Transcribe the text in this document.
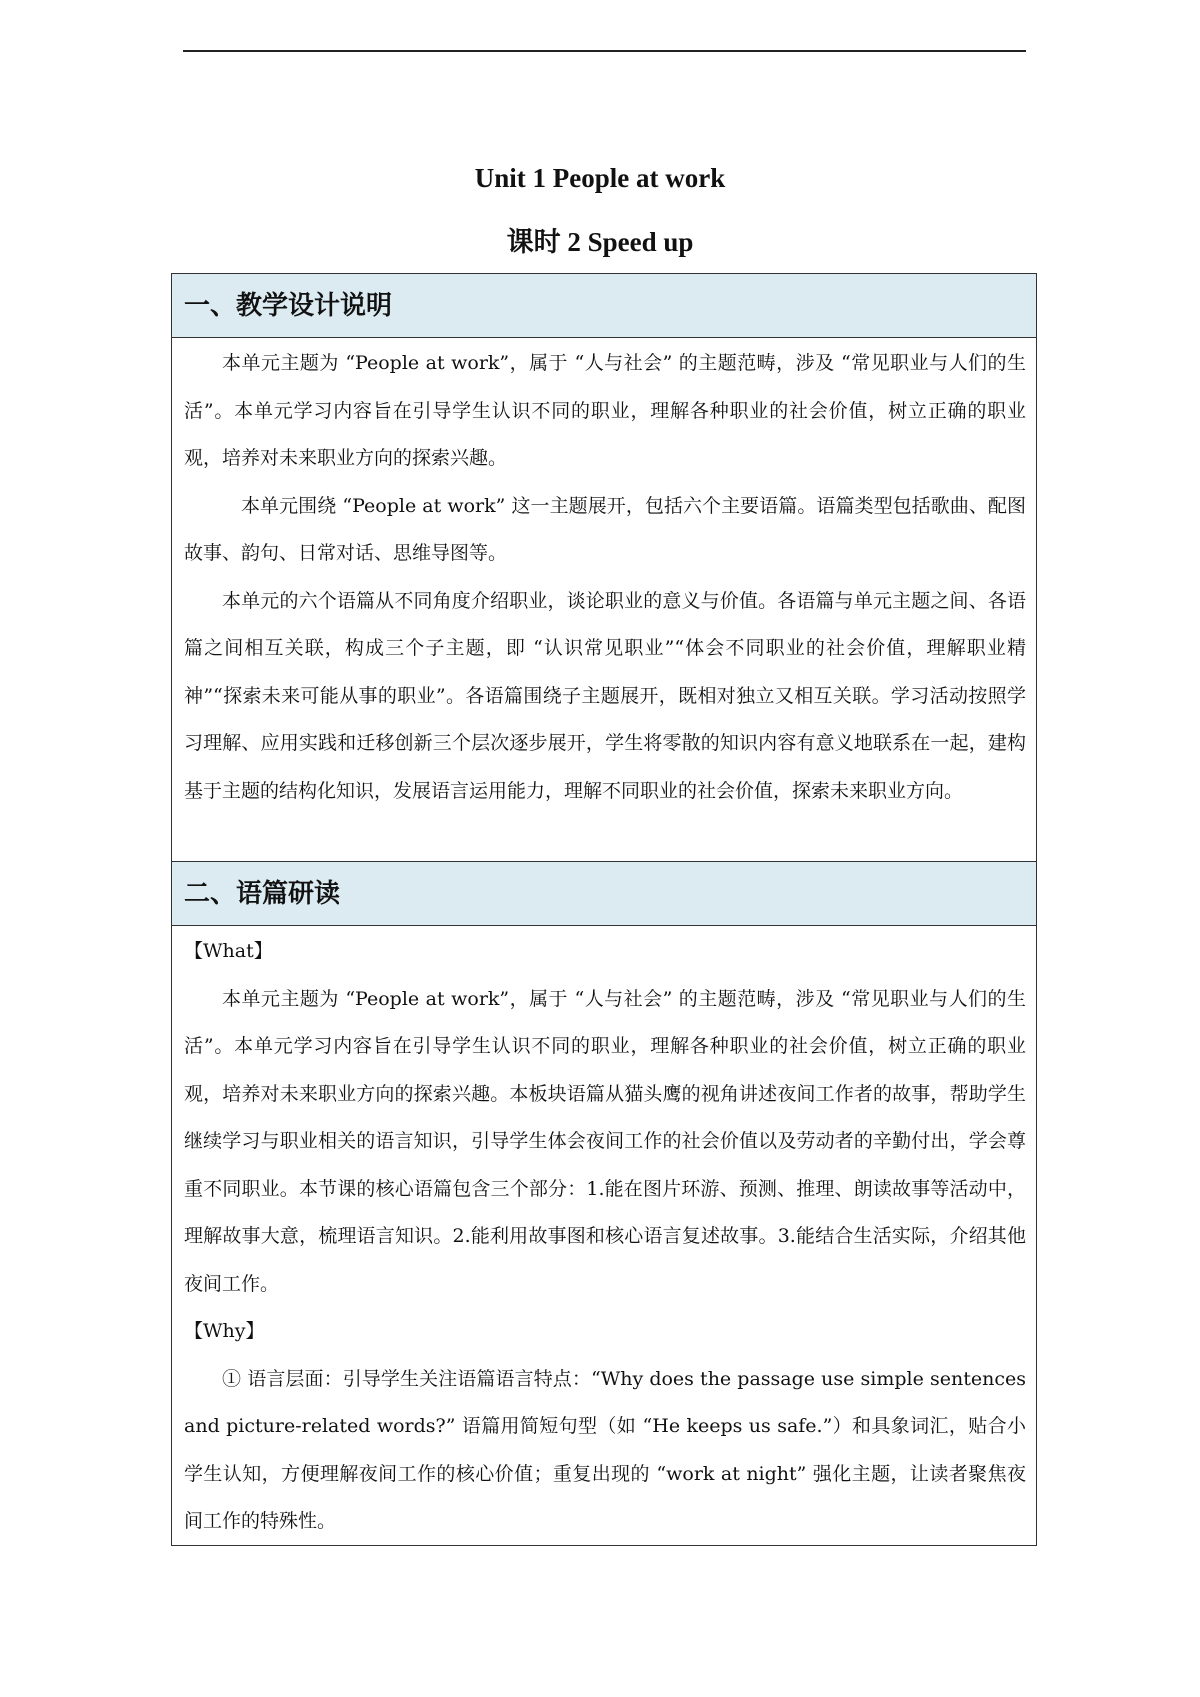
Unit 1 People at work
课时 2 Speed up
一、教学设计说明

本单元主题为 “People at work”，属于 “人与社会” 的主题范畴，涉及 “常见职业与人们的生活”。本单元学习内容旨在引导学生认识不同的职业，理解各种职业的社会价值，树立正确的职业观，培养对未来职业方向的探索兴趣。

本单元围绕 “People at work” 这一主题展开，包括六个主要语篇。语篇类型包括歌曲、配图故事、韵句、日常对话、思维导图等。

本单元的六个语篇从不同角度介绍职业，谈论职业的意义与价值。各语篇与单元主题之间、各语篇之间相互关联，构成三个子主题，即 “认识常见职业”“体会不同职业的社会价值，理解职业精神”“探索未来可能从事的职业”。各语篇围绕子主题展开，既相对独立又相互关联。学习活动按照学习理解、应用实践和迁移创新三个层次逐步展开，学生将零散的知识内容有意义地联系在一起，建构基于主题的结构化知识，发展语言运用能力，理解不同职业的社会价值，探索未来职业方向。

二、语篇研读

【What】

本单元主题为 “People at work”，属于 “人与社会” 的主题范畴，涉及 “常见职业与人们的生活”。本单元学习内容旨在引导学生认识不同的职业，理解各种职业的社会价值，树立正确的职业观，培养对未来职业方向的探索兴趣。本板块语篇从猫头鹰的视角讲述夜间工作者的故事，帮助学生继续学习与职业相关的语言知识，引导学生体会夜间工作的社会价值以及劳动者的辛勤付出，学会尊重不同职业。本节课的核心语篇包含三个部分：1.能在图片环游、预测、推理、朗读故事等活动中，理解故事大意，梳理语言知识。2.能利用故事图和核心语言复述故事。3.能结合生活实际，介绍其他夜间工作。

【Why】

① 语言层面：引导学生关注语篇语言特点：“Why does the passage use simple sentences and picture-related words?” 语篇用简短句型（如 “He keeps us safe.”）和具象词汇，贴合小学生认知，方便理解夜间工作的核心价值；重复出现的 “work at night” 强化主题，让读者聚焦夜间工作的特殊性。
